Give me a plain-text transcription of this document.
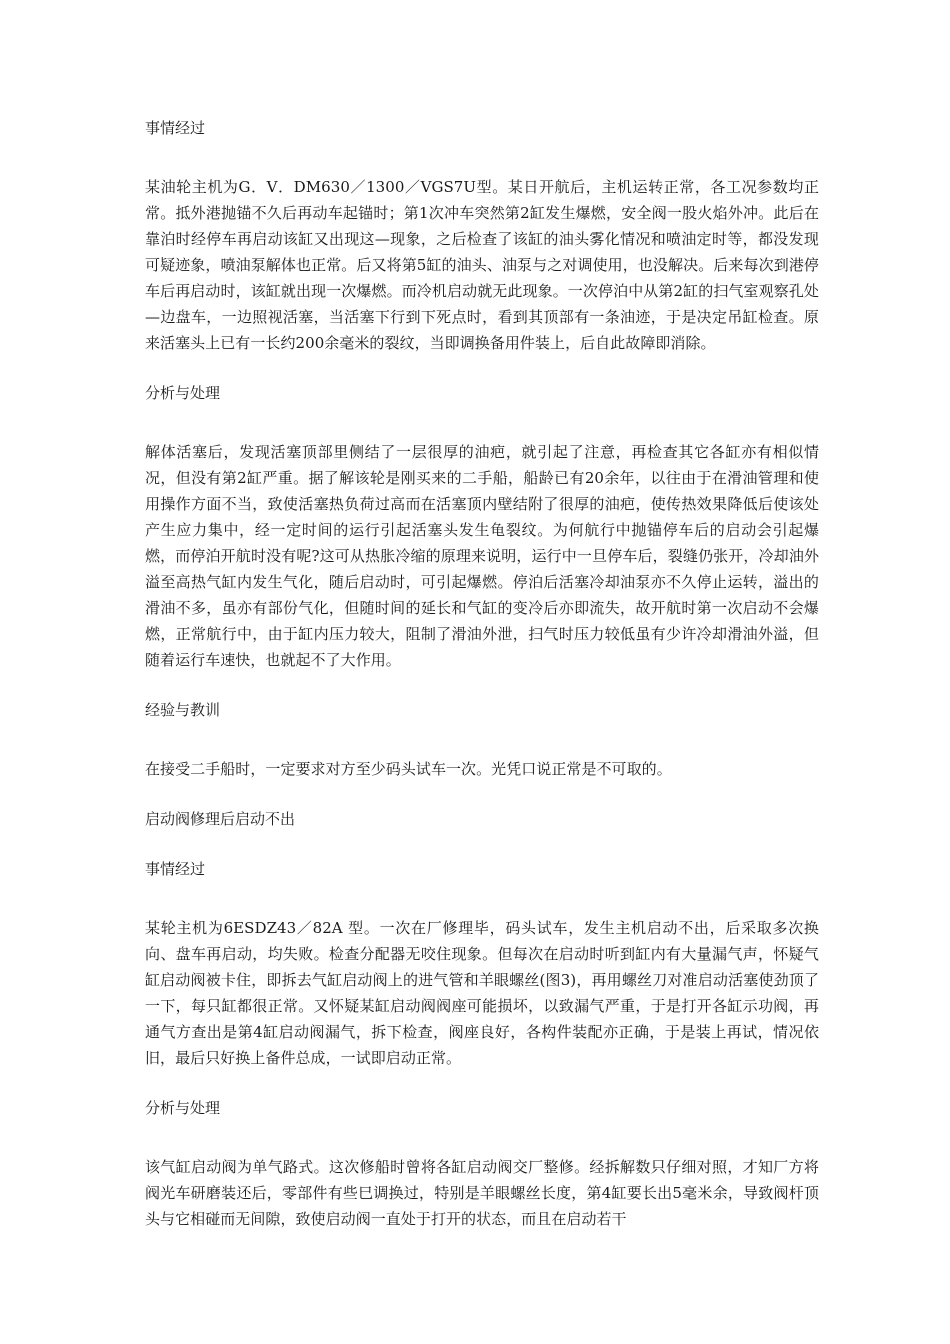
事情经过

某油轮主机为G．V．DM630／1300／VGS7U型。某日开航后，主机运转正常，各工况参数均正常。抵外港抛锚不久后再动车起锚时；第1次冲车突然第2缸发生爆燃，安全阀一股火焰外冲。此后在靠泊时经停车再启动该缸又出现这—现象，之后检查了该缸的油头雾化情况和喷油定时等，都没发现可疑迹象，喷油泵解体也正常。后又将第5缸的油头、油泵与之对调使用，也没解决。后来每次到港停车后再启动时，该缸就出现一次爆燃。而冷机启动就无此现象。一次停泊中从第2缸的扫气室观察孔处—边盘车，一边照视活塞，当活塞下行到下死点时，看到其顶部有一条油迹，于是决定吊缸检查。原来活塞头上已有一长约200余毫米的裂纹，当即调换备用件装上，后自此故障即消除。

分析与处理

解体活塞后，发现活塞顶部里侧结了一层很厚的油疤，就引起了注意，再检查其它各缸亦有相似情况，但没有第2缸严重。据了解该轮是刚买来的二手船，船龄已有20余年，以往由于在滑油管理和使用操作方面不当，致使活塞热负荷过高而在活塞顶内壁结附了很厚的油疤，使传热效果降低后使该处产生应力集中，经一定时间的运行引起活塞头发生龟裂纹。为何航行中抛锚停车后的启动会引起爆燃，而停泊开航时没有呢?这可从热胀冷缩的原理来说明，运行中一旦停车后，裂缝仍张开，冷却油外溢至高热气缸内发生气化，随后启动时，可引起爆燃。停泊后活塞冷却油泵亦不久停止运转，溢出的滑油不多，虽亦有部份气化，但随时间的延长和气缸的变冷后亦即流失，故开航时第一次启动不会爆燃，正常航行中，由于缸内压力较大，阻制了滑油外泄，扫气时压力较低虽有少许冷却滑油外溢，但随着运行车速快，也就起不了大作用。

经验与教训

在接受二手船时，一定要求对方至少码头试车一次。光凭口说正常是不可取的。

启动阀修理后启动不出

事情经过

某轮主机为6ESDZ43／82A 型。一次在厂修理毕，码头试车，发生主机启动不出，后采取多次换向、盘车再启动，均失败。检查分配器无咬住现象。但每次在启动时听到缸内有大量漏气声，怀疑气缸启动阀被卡住，即拆去气缸启动阀上的进气管和羊眼螺丝(图3)，再用螺丝刀对准启动活塞使劲顶了一下，每只缸都很正常。又怀疑某缸启动阀阀座可能损坏，以致漏气严重，于是打开各缸示功阀，再通气方查出是第4缸启动阀漏气，拆下检查，阀座良好，各构件装配亦正确，于是装上再试，情况依旧，最后只好换上备件总成，一试即启动正常。

分析与处理

该气缸启动阀为单气路式。这次修船时曾将各缸启动阀交厂整修。经拆解数只仔细对照，才知厂方将阀光车研磨装还后，零部件有些巳调换过，特别是羊眼螺丝长度，第4缸要长出5毫米余，导致阀杆顶头与它相碰而无间隙，致使启动阀一直处于打开的状态，而且在启动若干
